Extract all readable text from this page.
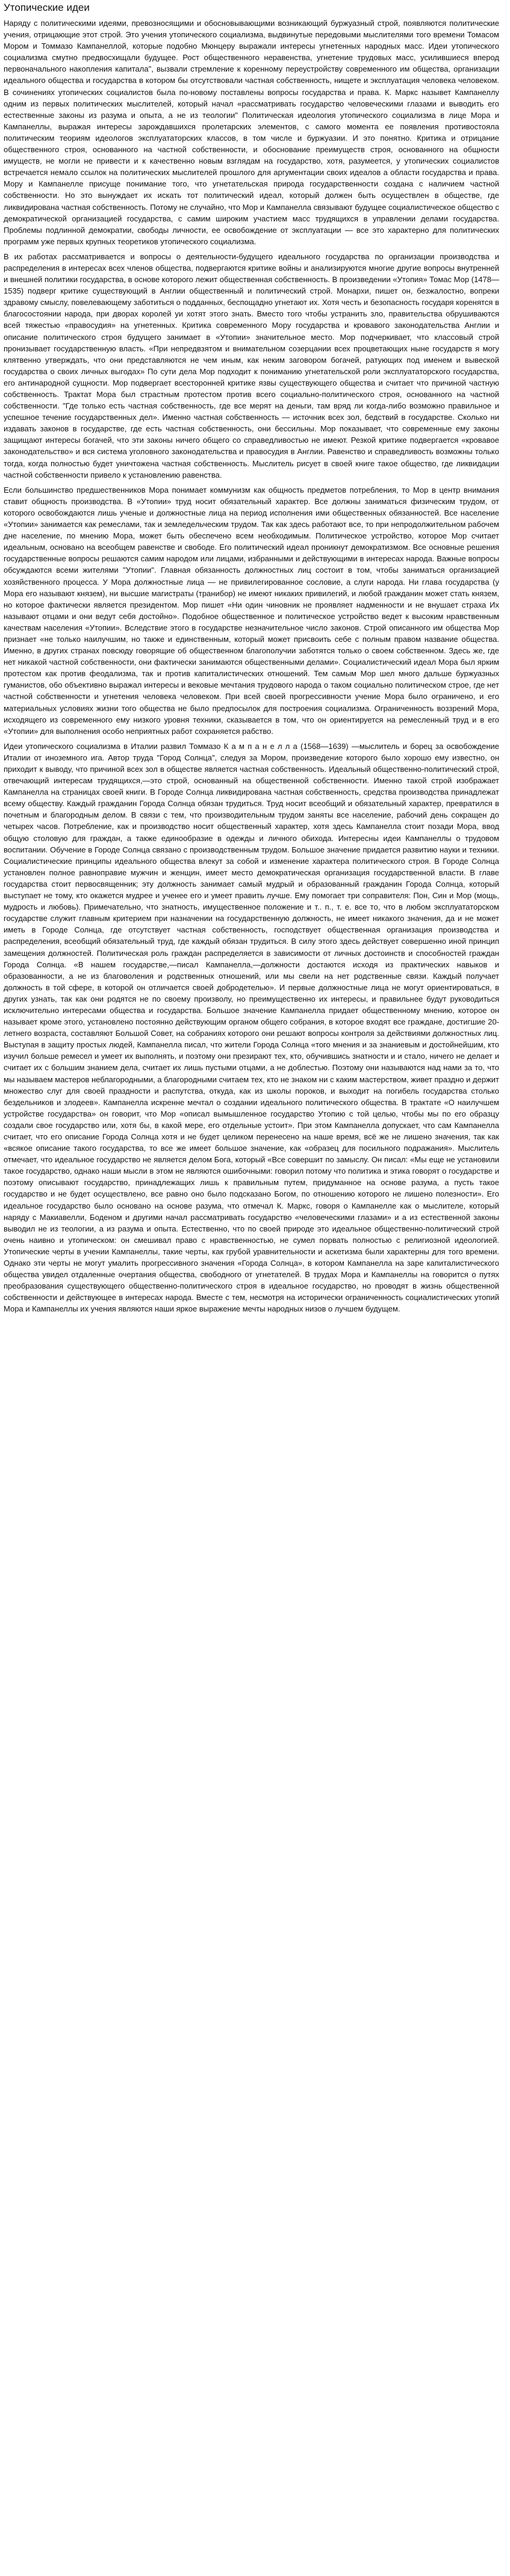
Утопические идеи

Наряду с политическими идеями, превозносящими и обосновывающими возникающий буржуазный строй, появляются политические учения, отрицающие этот строй. Это учения утопического социализма, выдвинутые передовыми мыслителями того времени Томасом Мором и Томмазо Кампанеллой, которые подобно Мюнцеру выражали интересы угнетенных народных масс. Идеи утопического социализма смутно предвосхищали будущее. Рост общественного неравенства, угнетение трудовых масс, усилившиеся вперод первоначального накопления капитала", вызвали стремление к коренному переустройству современного им общества, организации идеального общества и государства в котором бы отсутствовали частная собственность, нищете и эксплуатация человека человеком. В сочинениях утопических социалистов была по-новому поставлены вопросы государства и права. К. Маркс назывет Кампанеллу одним из первых политических мыслителей, который начал «рассматривать государство человеческими глазами и выводить его естественные законы из разума и опыта, а не из теологии" Политическая идеология утопического социализма в лице Мора и Кампанеллы, выражая интересы зарождавшихся пролетарских элементов, с самого момента ее появления противостояла политическим теориям идеологов эксплуататорских классов, в том числе и буржуазии. И это понятно. Критика и отрицание общественного строя, основанного на частной собственности, и обоснование преимуществ строя, основанного на общности имуществ, не могли не привести и к качественно новым взглядам на государство, хотя, разумеется, у утопических социалистов встречается немало ссылок на политических мыслителей прошлого для аргументации своих идеалов а области государства и права. Мору и Кампанелле присуще понимание того, что угнетательская природа государственности создана с наличием частной собственности. Но это вынуждает их искать тот политический идеал, который должен быть осуществлен в обществе, где ликвидирована частная собственность. Потому не случайно, что Мор и Кампанелла связывают будущее социалистическое общество с демократической организацией государства, с самим широким участием масс трудящихся в управлении делами государства. Проблемы подлинной демократии, свободы личности, ее освобождение от эксплуатации — все это характерно для политических программ уже первых крупных теоретиков утопического социализма.

В их работах рассматривается и вопросы о деятельности-будущего идеального государства по организации производства и распределения в интересах всех членов общества, подвергаются критике войны и анализируются многие другие вопросы внутренней и внешней политики государства, в основе которого лежит общественная собственность. В произведении «Утопия» Томас Мор (1478—1535) подверг критике существующий в Англии общественный и политический строй. Монархи, пишет он, безжалостно, вопреки здравому смыслу, повелевающему заботиться о подданных, беспощадно угнетают их. Хотя честь и безопасность государя коренятся в благосостоянии народа, при дворах королей уи хотят этого знать. Вместо того чтобы устранить зло, правительства обрушиваются всей тяжестью «правосудия» на угнетенных. Критика современного Мору государства и кровавого законодательства Англии и описание политического строя будущего занимает в «Утопии» значительное место. Мор подчеркивает, что классовый строй пронизывает государственную власть. «При непредвзятом и внимательном созерцании всех процветающих ныне государств я могу клятвенно утверждать, что они представляются не чем иным, как неким заговором богачей, ратующих под именем и вывеской государства о своих личных выгодах» По сути дела Мор подходит к пониманию угнетательской роли эксплуататорского государства, его антинародной сущности. Мор подвергает всесторонней критике язвы существующего общества и считает что причиной частную собственность. Трактат Мора был страстным протестом против всего социально-политического строя, основанного на частной собственности. "Где только есть частная собственность, где все мерят на деньги, там вряд ли когда-либо возможно правильное и успешное течение государственных дел». Именно частная собственность — источник всех зол, бедствий в государстве. Сколько ни издавать законов в государстве, где есть частная собственность, они бессильны. Мор показывает, что современные ему законы защищают интересы богачей, что эти законы ничего общего со справедливостью не имеют. Резкой критике подвергается «кровавое законодательство» и вся система уголовного законодательства и правосудия в Англии. Равенство и справедливость возможны только тогда, когда полностью будет уничтожена частная собственность. Мыслитель рисует в своей книге такое общество, где ликвидации частной собственности привело к установлению равенства.

Если большинство предшественников Мора понимает коммунизм как общность предметов потребления, то Мор в центр внимания ставит общность производства. В «Утопии» труд носит обязательный характер. Все должны заниматься физическим трудом, от которого освобождаются лишь ученые и должностные лица на период исполнения ими общественных обязанностей. Все население «Утопии» занимается как ремеслами, так и земледельческим трудом. Так как здесь работают все, то при непродолжительном рабочем дне население, по мнению Мора, может быть обеспечено всем необходимым. Политическое устройство, которое Мор считает идеальным, основано на всеобщем равенстве и свободе. Его политический идеал проникнут демократизмом. Все основные решения государственные вопросы решаются самим народом или лицами, избранными и действующими в интересах народа. Важные вопросы обсуждаются всеми жителями "Утопии". Главная обязанность должностных лиц состоит в том, чтобы заниматься организацией хозяйственного процесса. У Мора должностные лица — не привилегированное сословие, а слуги народа. Ни глава государства (у Мора его называют князем), ни высшие магистраты (транибор) не имеют никаких привилегий, и любой гражданин может стать князем, но которое фактически является президентом. Мор пишет «Ни один чиновник не проявляет надменности и не внушает страха Их называют отцами и они ведут себя достойно». Подобное общественное и политическое устройство ведет к высоким нравственным качествам населения «Утопии». Вследствие этого в государстве незначительное число законов. Строй описанного им общества Мор признает «не только наилучшим, но также и единственным, который может присвоить себе с полным правом название общества. Именно, в других странах повсюду говорящие об общественном благополучии заботятся только о своем собственном. Здесь же, где нет никакой частной собственности, они фактически занимаются общественными делами». Социалистический идеал Мора был ярким протестом как против феодализма, так и против капиталистических отношений. Тем самым Мор шел много дальше буржуазных гуманистов, обо объективно выражал интересы и вековые мечтания трудового народа о таком социально политическом строе, где нет частной собственности и угнетения человека человеком. При всей своей прогрессивности учение Мора было ограничено, и его материальных условиях жизни того общества не было предпосылок для построения социализма. Ограниченность воззрений Мора, исходящего из современного ему низкого уровня техники, сказывается в том, что он ориентируется на ремесленный труд и в его «Утопии» для выполнения особо неприятных работ сохраняется рабство.

Идеи утопического социализма в Италии развил Томмазо К а м п а н е л л а (1568—1639) —мыслитель и борец за освобождение Италии от иноземного ига. Автор труда "Город Солнца", следуя за Мором, произведение которого было хорошо ему известно, он приходит к выводу, что причиной всех зол в обществе является частная собственность. Идеальный общественно-политический строй, отвечающий интересам трудящихся,—это строй, основанный на общественной собственности. Именно такой строй изображает Кампанелла на страницах своей книги. В Городе Солнца ликвидирована частная собственность, средства производства принадлежат всему обществу. Каждый гражданин Города Солнца обязан трудиться. Труд носит всеобщий и обязательный характер, превратился в почетным и благородным делом. В связи с тем, что производительным трудом заняты все население, рабочий день сокращен до четырех часов. Потребление, как и производство носит общественный характер, хотя здесь Кампанелла стоит позади Мора, ввод общую столовую для граждан, а также единообразие в одежды и личного обихода. Интересны идеи Кампанеллы о трудовом воспитании. Обучение в Городе Солнца связано с производственным трудом. Большое значение придается развитию науки и техники. Социалистические принципы идеального общества влекут за собой и изменение характера политического строя. В Городе Солнца установлен полное равноправие мужчин и женщин, имеет место демократическая организация государственной власти. В главе государства стоит первосвященник; эту должность занимает самый мудрый и образованный гражданин Города Солнца, который выступает не тому, кто окажется мудрее и ученее его и умеет править лучше. Ему помогает три соправителя: Пон, Син и Мор (мощь, мудрость и любовь). Примечательно, что знатность, имущественное положение и т.. п., т. е. все то, что в любом эксплуататорском государстве служит главным критерием при назначении на государственную должность, не имеет никакого значения, да и не может иметь в Городе Солнца, где отсутствует частная собственность, господствует общественная организация производства и распределения, всеобщий обязательный труд, где каждый обязан трудиться. В силу этого здесь действует совершенно иной принцип замещения должностей. Политическая роль граждан распределяется в зависимости от личных достоинств и способностей граждан Города Солнца. «В нашем государстве,—писал Кампанелла,—должности достаются исходя из практических навыков и образованности, а не из благоволения и родственных отношений, или мы свели на нет родственные связи. Каждый получает должность в той сфере, в которой он отличается своей добродетелью». И первые должностные лица не могут ориентироваться, в других узнать, так как они родятся не по своему произволу, но преимущественно их интересы, и правильнее будут руководиться исключительно интересами общества и государства. Большое значение Кампанелла придает общественному мнению, которое он называет кроме этого, установлено постоянно действующим органом общего собрания, в которое входят все граждане, достигшие 20-летнего возраста, составляют Большой Совет, на собраниях которого они решают вопросы контроля за действиями должностных лиц. Выступая в защиту простых людей, Кампанелла писал, что жители Города Солнца «того мнения и за знаниевым и достойнейшим, кто изучил больше ремесел и умеет их выполнять, и поэтому они презирают тех, кто, обучившись знатности и и стало, ничего не делает и считает их с большим знанием дела, считает их лишь пустыми отцами, а не доблестью. Поэтому они называются над нами за то, что мы называем мастеров неблагородными, а благородными считаем тех, кто не знаком ни с каким мастерством, живет праздно и держит множество слуг для своей праздности и распутства, откуда, как из школы пороков, и выходит на погибель государства столько бездельников и злодеев». Кампанелла искренне мечтал о создании идеального политического общества. В трактате «О наилучшем устройстве государства» он говорит, что Мор «описал вымышленное государство Утопию с той целью, чтобы мы по его образцу создали свое государство или, хотя бы, в какой мере, его отдельные устоит». При этом Кампанелла допускает, что сам Кампанелла считает, что его описание Города Солнца хотя и не будет целиком перенесено на наше время, всё же не лишено значения, так как «всякое описание такого государства, то все же имеет большое значение, как «образец для посильного подражания». Мыслитель отмечает, что идеальное государство не является делом Бога, который «Все совершит по замыслу. Он писал: «Мы еще не установили такое государство, однако наши мысли в этом не являются ошибочными: говорил потому что политика и этика говорят о государстве и поэтому описывают государство, принадлежащих лишь к правильным путем, придуманное на основе разума, а пусть такое государство и не будет осуществлено, все равно оно было подсказано Богом, по отношению которого не лишено полезности». Его идеальное государство было основано на основе разума, что отмечал К. Маркс, говоря о Кампанелле как о мыслителе, который наряду с Макиавелли, Боденом и другими начал рассматривать государство «человеческими глазами» и а из естественной законы выводил не из теологии, а из разума и опыта. Естественно, что по своей природе это идеальное общественно-политический строй очень наивно и утопическом: он смешивал право с нравственностью, не сумел порвать полностью с религиозной идеологией. Утопические черты в учении Кампанеллы, такие черты, как грубой уравнительности и аскетизма были характерны для того времени. Однако эти черты не могут умалить прогрессивного значения «Города Солнца», в котором Кампанелла на заре капиталистического общества увидел отдаленные очертания общества, свободного от угнетателей. В трудах Мора и Кампанеллы на говорится о путях преобразования существующего общественно-политического строя в идеальное государство, но проводят в жизнь общественной собственности и действующее в интересах народа. Вместе с тем, несмотря на исторически ограниченность социалистических утопий Мора и Кампанеллы их учения являются наши яркое выражение мечты народных низов о лучшем будущем.
